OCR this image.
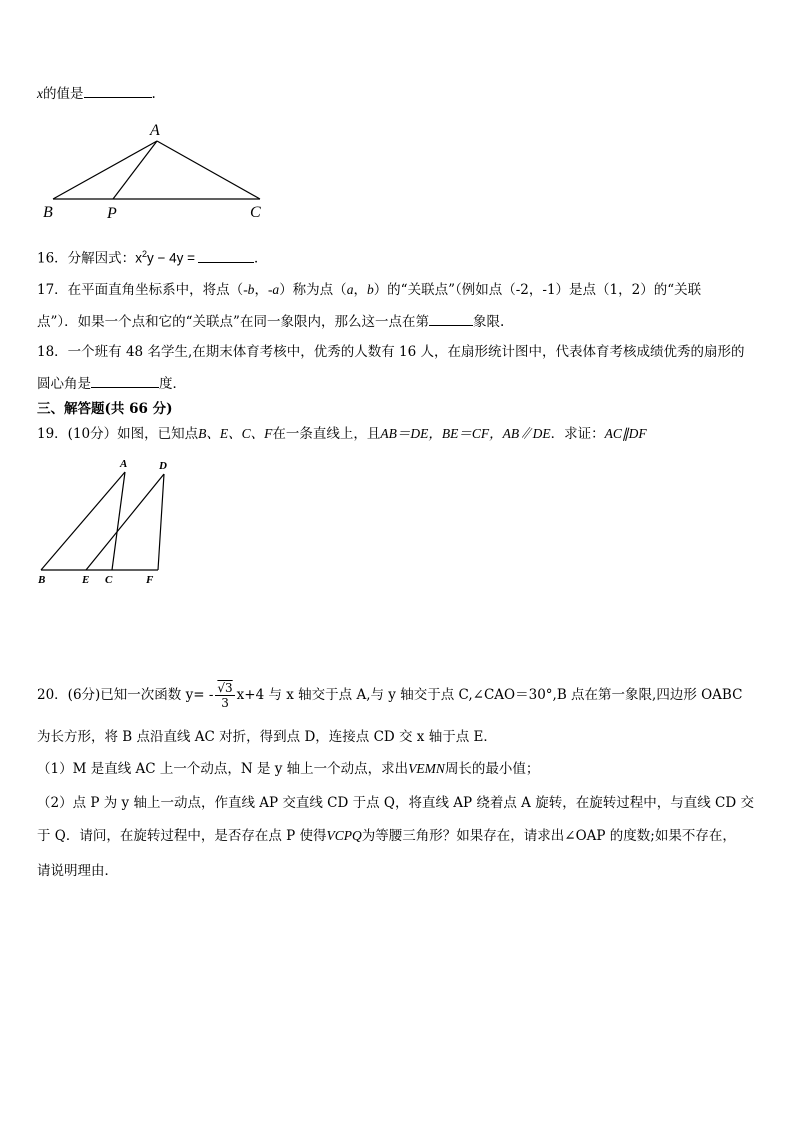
x的值是	.
A
B	P	C
16．分解因式：$x^2y - 4y$ =	．
17．在平面直角坐标系中，将点（-b，-a）称为点（a，b）的“关联点”（例如点（-2，-1）是点（1，2）的“关联
点”）．如果一个点和它的“关联点”在同一象限内，那么这一点在第	象限.
18．一个班有 48 名学生,在期末体育考核中，优秀的人数有 16 人，在扇形统计图中，代表体育考核成绩优秀的扇形的
圆心角是	度．
三、解答题(共 66 分)
19．(10分）如图，已知点B、E、C、F在一条直线上，且AB＝DE，BE＝CF，AB∥DE．求证：AC∥DF
A	D
B	E C	F
20．(6分)已知一次函数 $y= - \frac{√3}{3} x+4$ 与 x 轴交于点 A,与 y 轴交于点 C,∠CAO＝30°,B 点在第一象限,四边形 OABC
为长方形，将 B 点沿直线 AC 对折，得到点 D，连接点 CD 交 x 轴于点 E．
（1）M 是直线 AC 上一个动点，N 是 y 轴上一个动点，求出VEMN周长的最小值；
（2）点 P 为 y 轴上一动点，作直线 AP 交直线 CD 于点 Q，将直线 AP 绕着点 A 旋转，在旋转过程中，与直线 CD 交
于 Q．请问，在旋转过程中，是否存在点 P 使得VCPQ为等腰三角形？如果存在，请求出∠OAP 的度数;如果不存在，
请说明理由．
